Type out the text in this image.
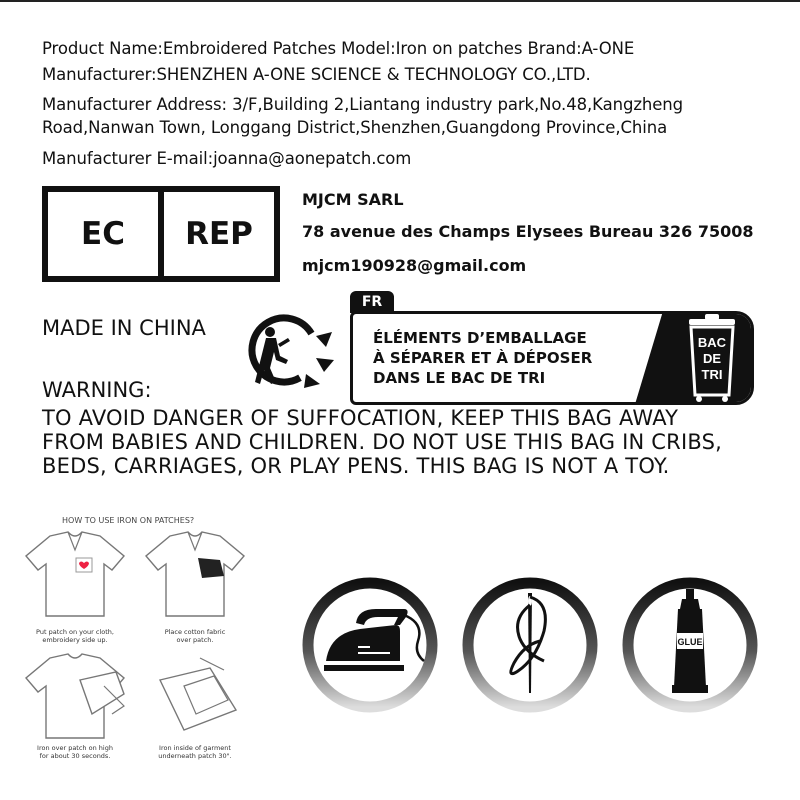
Product Name:Embroidered Patches Model:Iron on patches Brand:A-ONE
Manufacturer:SHENZHEN A-ONE SCIENCE & TECHNOLOGY CO.,LTD.
Manufacturer Address: 3/F,Building 2,Liantang industry park,No.48,Kangzheng
Road,Nanwan Town, Longgang District,Shenzhen,Guangdong Province,China
Manufacturer E-mail:joanna@aonepatch.com
EC	REP
MJCM SARL
78 avenue des Champs Elysees Bureau 326 75008
mjcm190928@gmail.com
MADE IN CHINA
FR
ÉLÉMENTS D’EMBALLAGE
À SÉPARER ET À DÉPOSER
DANS LE BAC DE TRI
BAC
DE
TRI
WARNING:
TO AVOID DANGER OF SUFFOCATION, KEEP THIS BAG AWAY
FROM BABIES AND CHILDREN. DO NOT USE THIS BAG IN CRIBS,
BEDS, CARRIAGES, OR PLAY PENS. THIS BAG IS NOT A TOY.
HOW TO USE IRON ON PATCHES?
Put patch on your cloth,
embroidery side up.
Place cotton fabric
over patch.
Iron over patch on high
for about 30 seconds.
Iron inside of garment
underneath patch 30".
GLUE
